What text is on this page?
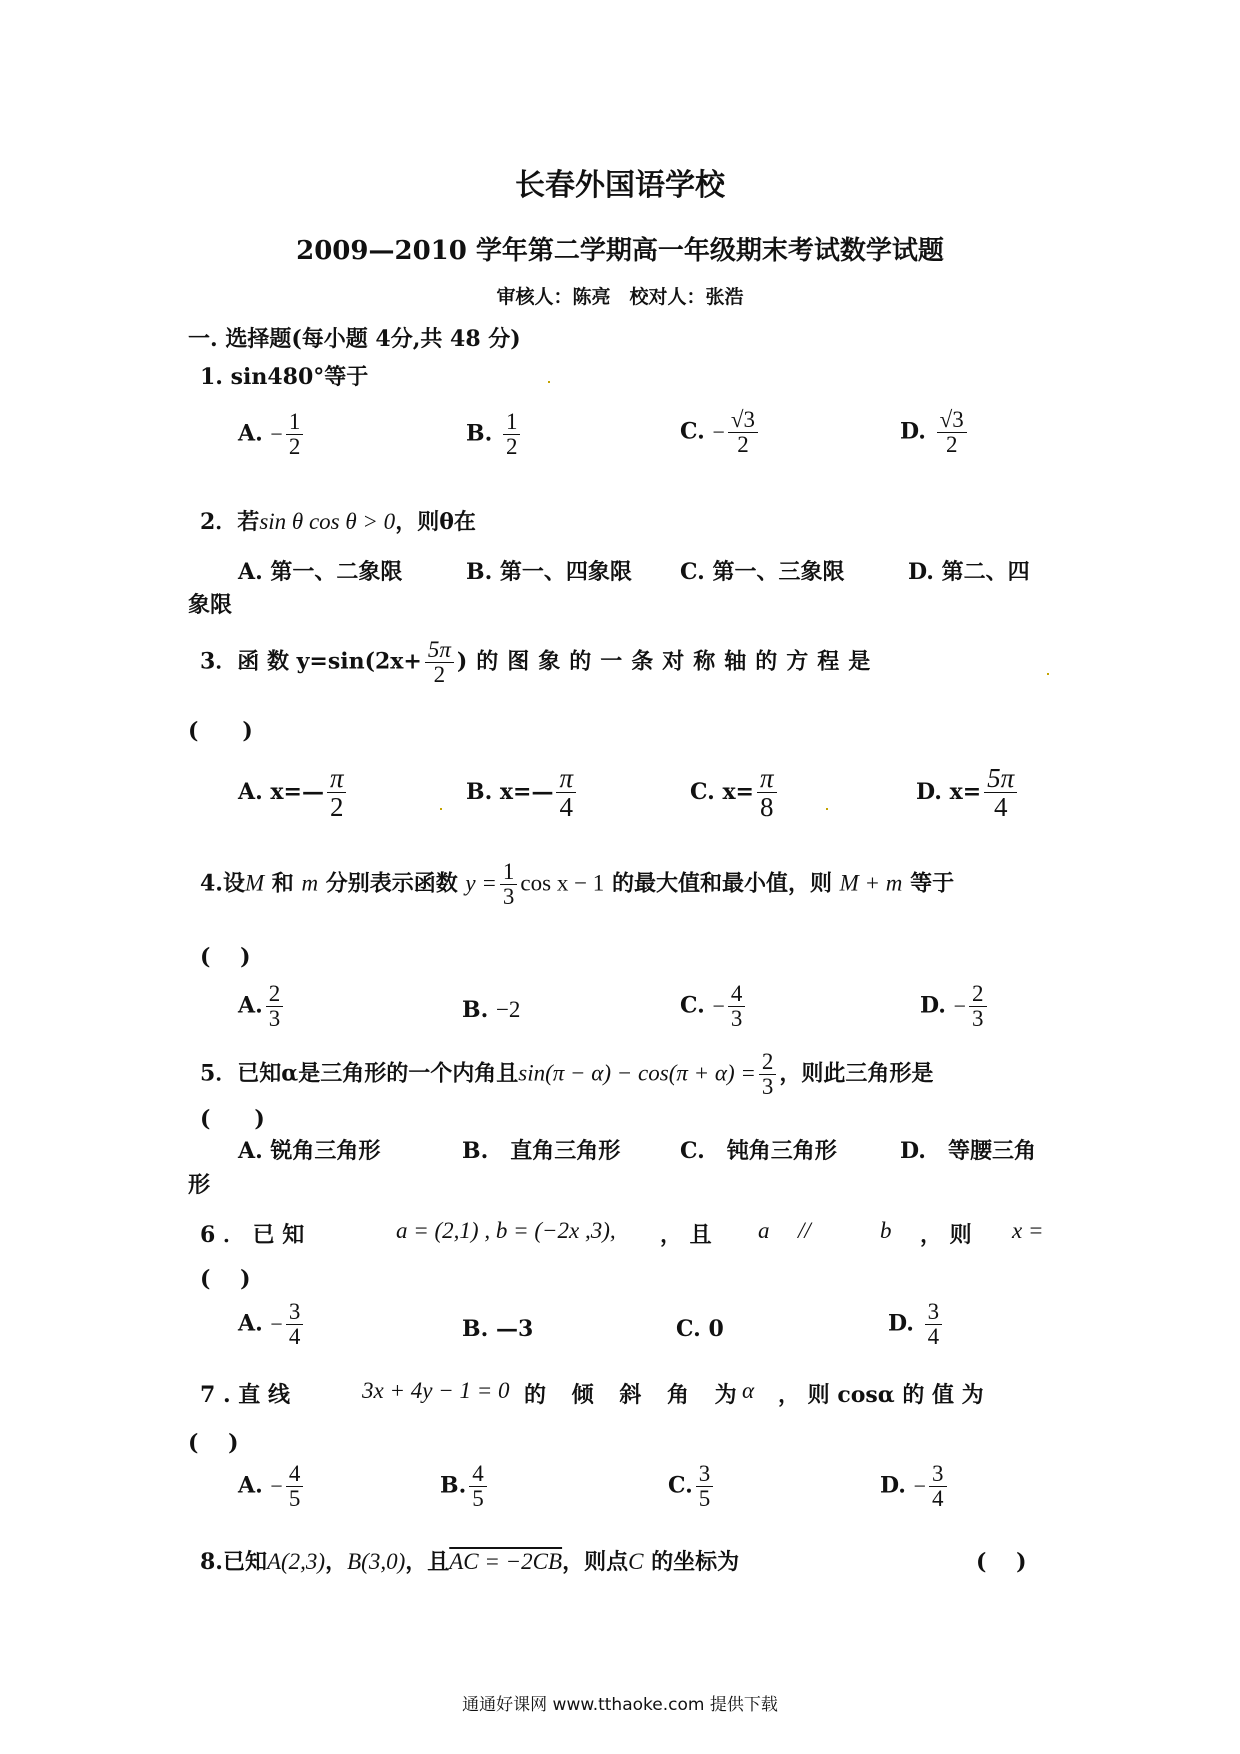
长春外国语学校
2009—2010 学年第二学期高一年级期末考试数学试题
审核人：陈亮　校对人：张浩
一. 选择题(每小题 4分,共 48 分)
1. sin480°等于
A. − $\frac{1}{2}$	B. $\frac{1}{2}$	C. − $\frac{√3}{2}$	D. $\frac{√3}{2}$
2．若sin θ cos θ > 0，则θ在
A. 第一、二象限	B. 第一、四象限 C. 第一、三象限	D. 第二、四
象限
3．函 数 $y=\sin(2x+ \frac{5\pi}{2}$ )的图象的一条对称轴的方程是
(　　)
A. x=— $\frac{\pi}{2}$	B. x=— $\frac{\pi}{4}$	C. $x= \frac{\pi}{8}$	D. $x= \frac{5\pi}{4}$
4.设M 和 m 分别表示函数 $y = \frac{1}{3}$ cos x − 1 的最大值和最小值，则 M + m 等于
(　 )
A. $\frac{2}{3}$	B. −2	C. − $\frac{4}{3}$	D. − $\frac{2}{3}$
5．已知α是三角形的一个内角且$\sin(\pi - \alpha) - \cos(\pi + \alpha) = \frac{2}{3}$ ，则此三角形是
(　　)
A. 锐角三角形	B.　直角三角形	C.　钝角三角形	D.　等腰三角
形
6 ． 已 知	a = (2,1) , b = (−2x ,3), ， 且 a //	b ， 则 x =
(　 )
A. − $\frac{3}{4}$	B. —3	C. 0	D. $\frac{3}{4}$
7 . 直 线	3x + 4y − 1 = 0 的 倾 斜 角 为
α ， 则 cosα 的 值 为
(　 )
A. − $\frac{4}{5}$	B. $\frac{4}{5}$	C. $\frac{3}{5}$	D. − $\frac{3}{4}$
8.已知A(2,3)，B(3,0)，且AC = −2CB，则点C 的坐标为	(　 )
通通好课网 www.tthaoke.com 提供下载
